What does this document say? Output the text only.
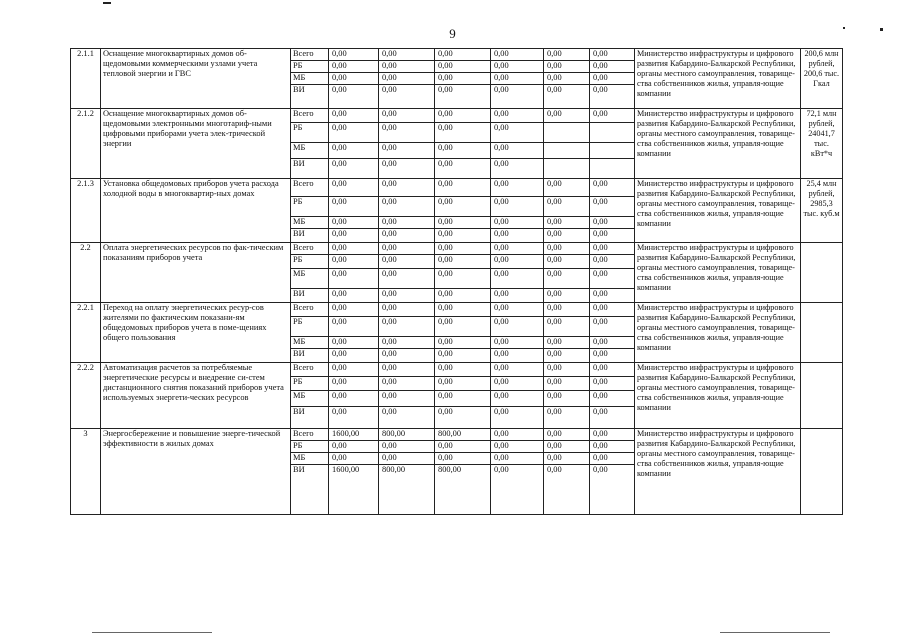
9
2.1.1	Оснащение многоквартирных домов об-щедомовыми коммерческими узлами учета тепловой энергии и ГВС	Всего	0,00	0,00	0,00	0,00	0,00	0,00	Министерство инфраструктуры и цифрового развития Кабардино-Балкарской Республики, органы местного самоуправления, товарище-ства собственников жилья, управля-ющие компании	200,6 млн рублей, 200,6 тыс. Гкал
		РБ	0,00	0,00	0,00	0,00	0,00	0,00		
		МБ	0,00	0,00	0,00	0,00	0,00	0,00		
		ВИ	0,00	0,00	0,00	0,00	0,00	0,00		
2.1.2	Оснащение многоквартирных домов об-щедомовыми электронными многотариф-ными цифровыми приборами учета элек-трической энергии	Всего	0,00	0,00	0,00	0,00	0,00	0,00	Министерство инфраструктуры и цифрового развития Кабардино-Балкарской Республики, органы местного самоуправления, товарище-ства собственников жилья, управля-ющие компании	72,1 млн рублей, 24041,7 тыс. кВт*ч
		РБ	0,00	0,00	0,00	0,00				
		МБ	0,00	0,00	0,00	0,00				
		ВИ	0,00	0,00	0,00	0,00				
2.1.3	Установка общедомовых приборов учета расхода холодной воды в многоквартир-ных домах	Всего	0,00	0,00	0,00	0,00	0,00	0,00	Министерство инфраструктуры и цифрового развития Кабардино-Балкарской Республики, органы местного самоуправления, товарище-ства собственников жилья, управля-ющие компании	25,4 млн рублей, 2985,3 тыс. куб.м
		РБ	0,00	0,00	0,00	0,00	0,00	0,00		
		МБ	0,00	0,00	0,00	0,00	0,00	0,00		
		ВИ	0,00	0,00	0,00	0,00	0,00	0,00		
2.2	Оплата энергетических ресурсов по фак-тическим показаниям приборов учета	Всего	0,00	0,00	0,00	0,00	0,00	0,00	Министерство инфраструктуры и цифрового развития Кабардино-Балкарской Республики, органы местного самоуправления, товарище-ства собственников жилья, управля-ющие компании	
		РБ	0,00	0,00	0,00	0,00	0,00	0,00		
		МБ	0,00	0,00	0,00	0,00	0,00	0,00		
		ВИ	0,00	0,00	0,00	0,00	0,00	0,00		
2.2.1	Переход на оплату энергетических ресур-сов жителями по фактическим показани-ям общедомовых приборов учета в поме-щениях общего пользования	Всего	0,00	0,00	0,00	0,00	0,00	0,00	Министерство инфраструктуры и цифрового развития Кабардино-Балкарской Республики, органы местного самоуправления, товарище-ства собственников жилья, управля-ющие компании	
		РБ	0,00	0,00	0,00	0,00	0,00	0,00		
		МБ	0,00	0,00	0,00	0,00	0,00	0,00		
		ВИ	0,00	0,00	0,00	0,00	0,00	0,00		
2.2.2	Автоматизация расчетов за потребляемые энергетические ресурсы и внедрение си-стем дистанционного снятия показаний приборов учета используемых энергети-ческих ресурсов	Всего	0,00	0,00	0,00	0,00	0,00	0,00	Министерство инфраструктуры и цифрового развития Кабардино-Балкарской Республики, органы местного самоуправления, товарище-ства собственников жилья, управля-ющие компании	
		РБ	0,00	0,00	0,00	0,00	0,00	0,00		
		МБ	0,00	0,00	0,00	0,00	0,00	0,00		
		ВИ	0,00	0,00	0,00	0,00	0,00	0,00		
3	Энергосбережение и повышение энерге-тической эффективности в жилых домах	Всего	1600,00	800,00	800,00	0,00	0,00	0,00	Министерство инфраструктуры и цифрового развития Кабардино-Балкарской Республики, органы местного самоуправления, товарище-ства собственников жилья, управля-ющие компании	
		РБ	0,00	0,00	0,00	0,00	0,00	0,00		
		МБ	0,00	0,00	0,00	0,00	0,00	0,00		
		ВИ	1600,00	800,00	800,00	0,00	0,00	0,00		
